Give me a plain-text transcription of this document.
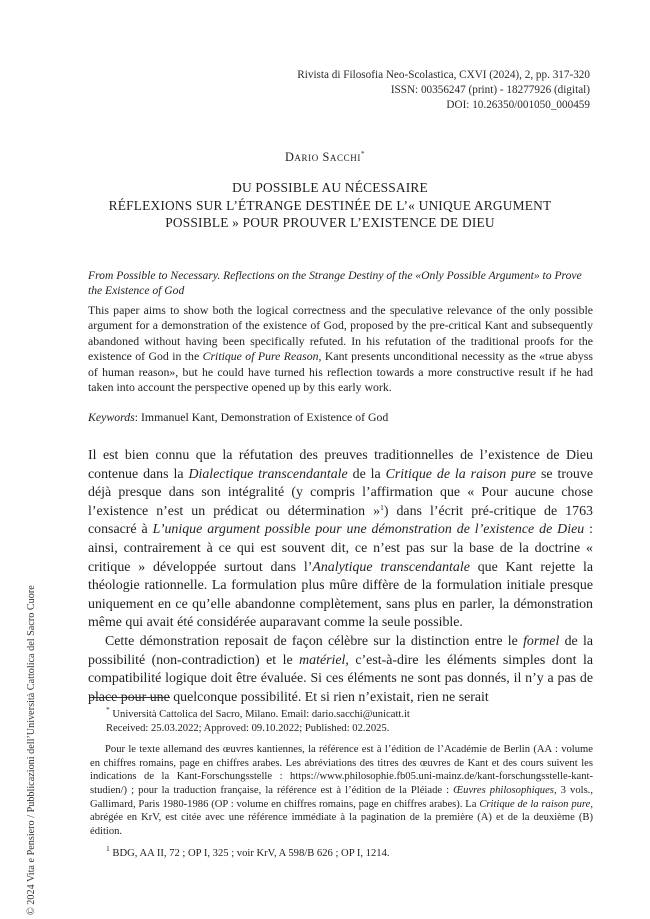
© 2024 Vita e Pensiero / Pubblicazioni dell’Università Cattolica del Sacro Cuore
Rivista di Filosofia Neo-Scolastica, CXVI (2024), 2, pp. 317-320
ISSN: 00356247 (print) - 18277926 (digital)
DOI: 10.26350/001050_000459
Dario Sacchi*
DU POSSIBLE AU NÉCESSAIRE
RÉFLEXIONS SUR L’ÉTRANGE DESTINÉE DE L’« UNIQUE ARGUMENT
POSSIBLE » POUR PROUVER L’EXISTENCE DE DIEU
From Possible to Necessary. Reflections on the Strange Destiny of the «Only Possible Argument» to Prove the Existence of God
This paper aims to show both the logical correctness and the speculative relevance of the only possible argument for a demonstration of the existence of God, proposed by the pre-critical Kant and subsequently abandoned without having been specifically refuted. In his refutation of the traditional proofs for the existence of God in the Critique of Pure Reason, Kant presents unconditional necessity as the «true abyss of human reason», but he could have turned his reflection towards a more constructive result if he had taken into account the perspective opened up by this early work.
Keywords: Immanuel Kant, Demonstration of Existence of God

Il est bien connu que la réfutation des preuves traditionnelles de l’existence de Dieu contenue dans la Dialectique transcendantale de la Critique de la raison pure se trouve déjà presque dans son intégralité (y compris l’affirmation que « Pour aucune chose l’existence n’est un prédicat ou détermination »$^1$) dans l’écrit pré-critique de 1763 consacré à L’unique argument possible pour une démonstration de l’existence de Dieu : ainsi, contrairement à ce qui est souvent dit, ce n’est pas sur la base de la doctrine « critique » développée surtout dans l’Analytique transcendantale que Kant rejette la théologie rationnelle. La formulation plus mûre diffère de la formulation initiale presque uniquement en ce qu’elle abandonne complètement, sans plus en parler, la démonstration même qui avait été considérée auparavant comme la seule possible.

Cette démonstration reposait de façon célèbre sur la distinction entre le formel de la possibilité (non-contradiction) et le matériel, c’est-à-dire les éléments simples dont la compatibilité logique doit être évaluée. Si ces éléments ne sont pas donnés, il n’y a pas de place pour une quelconque possibilité. Et si rien n’existait, rien ne serait

* Università Cattolica del Sacro, Milano. Email: dario.sacchi@unicatt.it
Received: 25.03.2022; Approved: 09.10.2022; Published: 02.2025.

Pour le texte allemand des œuvres kantiennes, la référence est à l’édition de l’Académie de Berlin (AA : volume en chiffres romains, page en chiffres arabes. Les abréviations des titres des œuvres de Kant et des cours suivent les indications de la Kant-Forschungsstelle : https://www.philosophie.fb05.uni-mainz.de/kant-forschungsstelle-kant-studien/) ; pour la traduction française, la référence est à l’édition de la Pléiade : Œuvres philosophiques, 3 vols., Gallimard, Paris 1980-1986 (OP : volume en chiffres romains, page en chiffres arabes). La Critique de la raison pure, abrégée en KrV, est citée avec une référence immédiate à la pagination de la première (A) et de la deuxième (B) édition.

$^1$ BDG, AA II, 72 ; OP I, 325 ; voir KrV, A 598/B 626 ; OP I, 1214.
